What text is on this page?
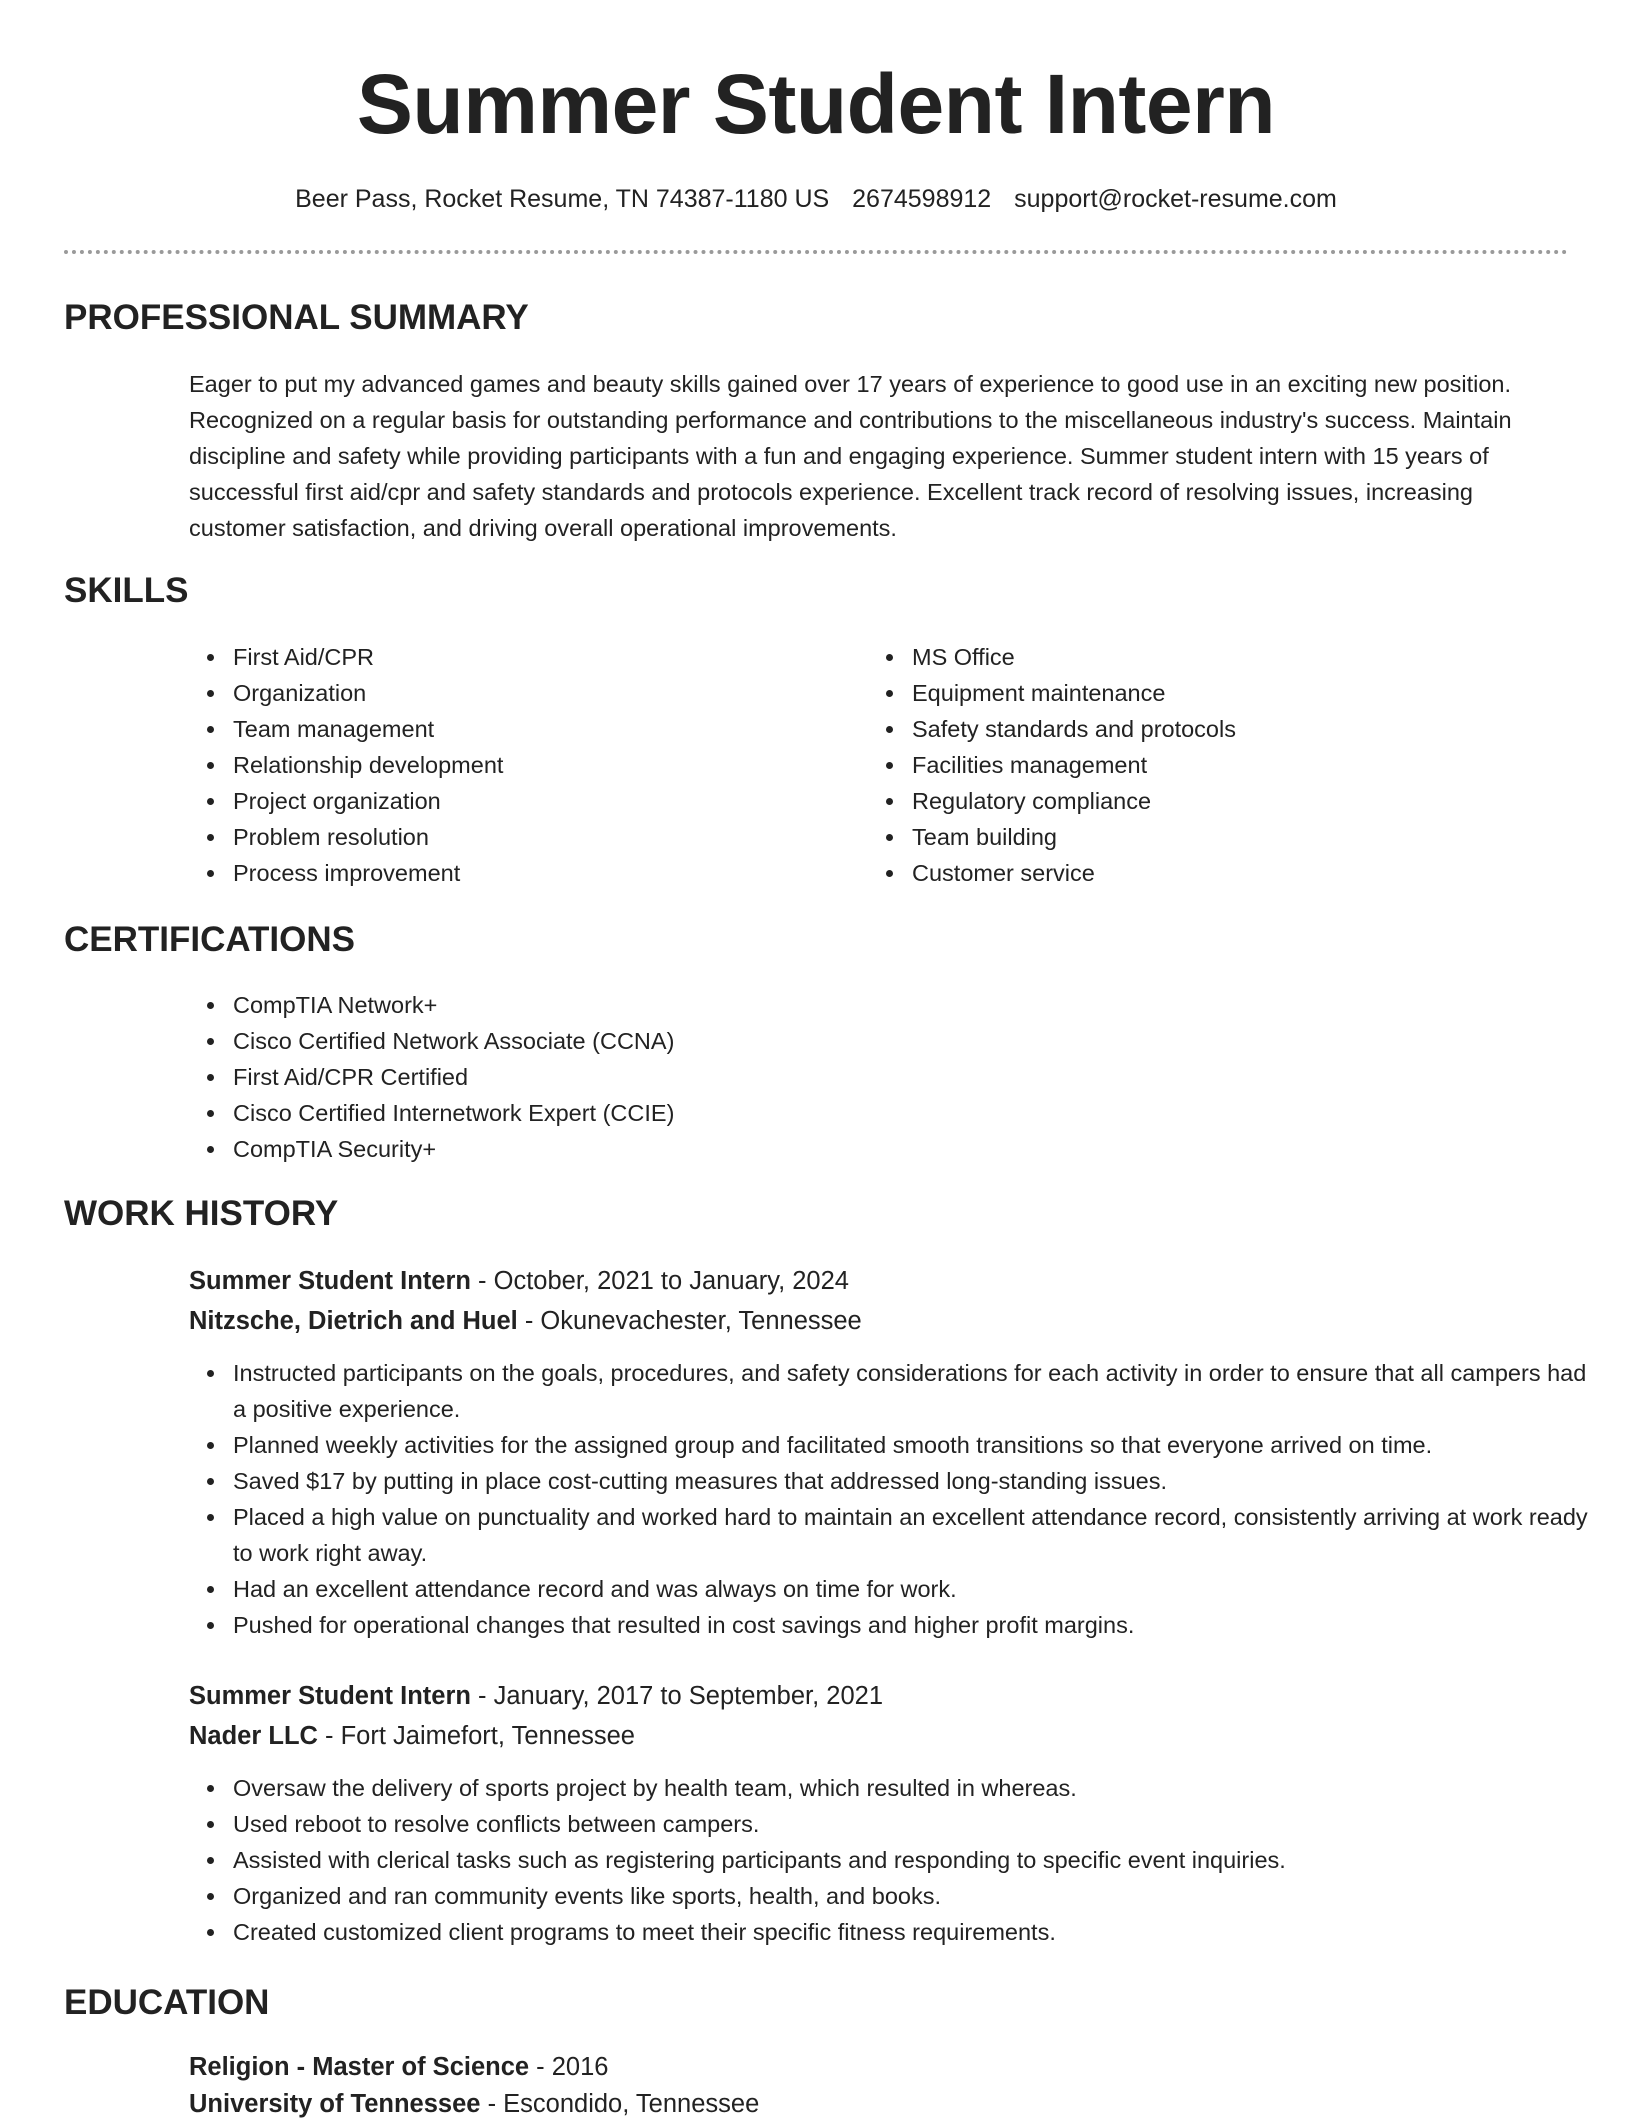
Summer Student Intern
Beer Pass, Rocket Resume, TN 74387-1180 US 2674598912 support@rocket-resume.com
PROFESSIONAL SUMMARY

Eager to put my advanced games and beauty skills gained over 17 years of experience to good use in an exciting new position. Recognized on a regular basis for outstanding performance and contributions to the miscellaneous industry's success. Maintain discipline and safety while providing participants with a fun and engaging experience. Summer student intern with 15 years of successful first aid/cpr and safety standards and protocols experience. Excellent track record of resolving issues, increasing customer satisfaction, and driving overall operational improvements.

SKILLS
First Aid/CPR
Organization
Team management
Relationship development
Project organization
Problem resolution
Process improvement
MS Office
Equipment maintenance
Safety standards and protocols
Facilities management
Regulatory compliance
Team building
Customer service
CERTIFICATIONS
CompTIA Network+
Cisco Certified Network Associate (CCNA)
First Aid/CPR Certified
Cisco Certified Internetwork Expert (CCIE)
CompTIA Security+
WORK HISTORY
Summer Student Intern - October, 2021 to January, 2024
Nitzsche, Dietrich and Huel - Okunevachester, Tennessee
Instructed participants on the goals, procedures, and safety considerations for each activity in order to ensure that all campers had a positive experience.
Planned weekly activities for the assigned group and facilitated smooth transitions so that everyone arrived on time.
Saved $17 by putting in place cost-cutting measures that addressed long-standing issues.
Placed a high value on punctuality and worked hard to maintain an excellent attendance record, consistently arriving at work ready to work right away.
Had an excellent attendance record and was always on time for work.
Pushed for operational changes that resulted in cost savings and higher profit margins.
Summer Student Intern - January, 2017 to September, 2021
Nader LLC - Fort Jaimefort, Tennessee
Oversaw the delivery of sports project by health team, which resulted in whereas.
Used reboot to resolve conflicts between campers.
Assisted with clerical tasks such as registering participants and responding to specific event inquiries.
Organized and ran community events like sports, health, and books.
Created customized client programs to meet their specific fitness requirements.
EDUCATION
Religion - Master of Science - 2016
University of Tennessee - Escondido, Tennessee
